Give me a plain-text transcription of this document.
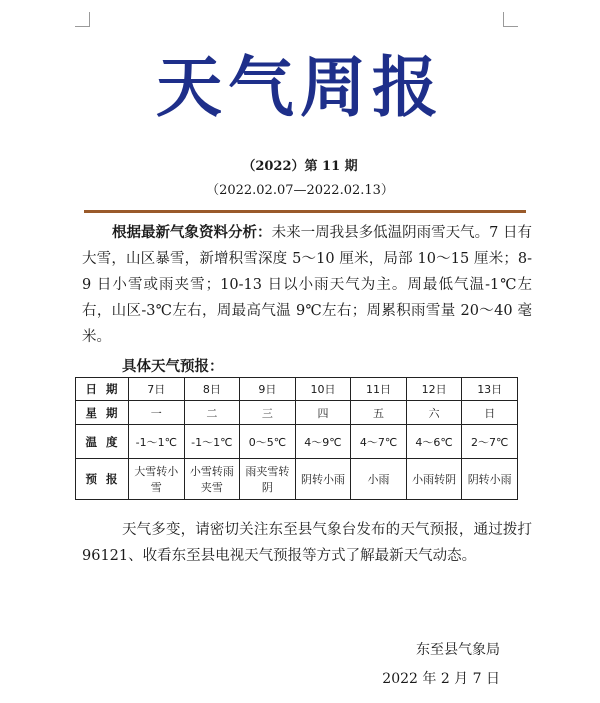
天气周报
（2022）第 11 期
（2022.02.07—2022.02.13）
根据最新气象资料分析：未来一周我县多低温阴雨雪天气。7 日有大雪，山区暴雪，新增积雪深度 5～10 厘米，局部 10～15 厘米；8-9 日小雪或雨夹雪；10-13 日以小雨天气为主。周最低气温-1℃左右，山区-3℃左右，周最高气温 9℃左右；周累积雨雪量 20～40 毫米。
具体天气预报：
日期	7日	8日	9日	10日	11日	12日	13日
星期	一	二	三	四	五	六	日
温度	-1～1℃	-1～1℃	0～5℃	4～9℃	4～7℃	4～6℃	2～7℃
预报	大雪转小雪	小雪转雨夹雪	雨夹雪转阴	阴转小雨	小雨	小雨转阴	阴转小雨
天气多变，请密切关注东至县气象台发布的天气预报，通过拨打 96121、收看东至县电视天气预报等方式了解最新天气动态。
东至县气象局
2022 年 2 月 7 日
